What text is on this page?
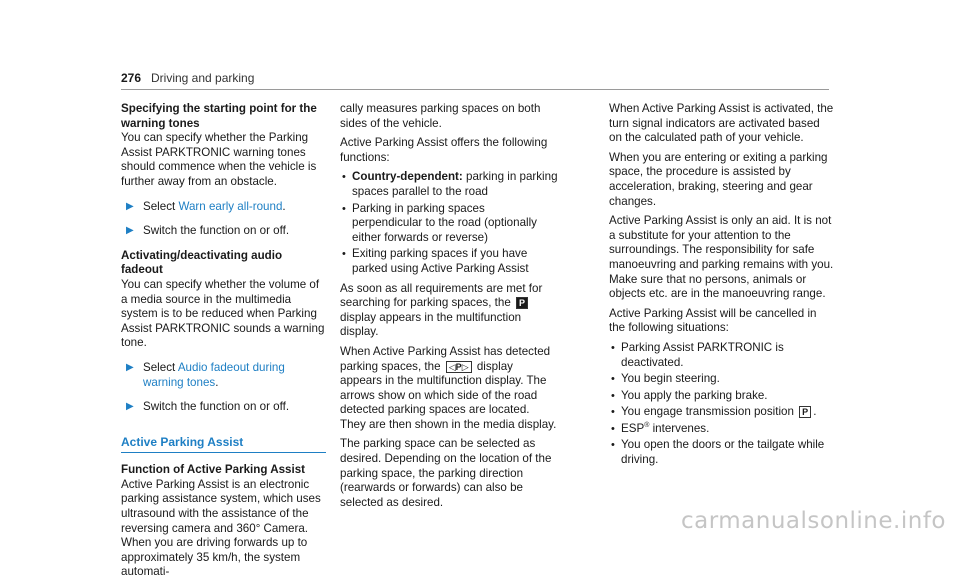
276 Driving and parking

Specifying the starting point for the warning tones

You can specify whether the Parking Assist PARKTRONIC warning tones should commence when the vehicle is further away from an obstacle.

▶ Select Warn early all-round.
▶ Switch the function on or off.

Activating/deactivating audio fadeout

You can specify whether the volume of a media source in the multimedia system is to be reduced when Parking Assist PARKTRONIC sounds a warning tone.

▶ Select Audio fadeout during warning tones.
▶ Switch the function on or off.
Active Parking Assist

Function of Active Parking Assist

Active Parking Assist is an electronic parking assistance system, which uses ultrasound with the assistance of the reversing camera and 360° Camera. When you are driving forwards up to approximately 35 km/h, the system automati-

cally measures parking spaces on both sides of the vehicle.

Active Parking Assist offers the following functions:

• Country-dependent: parking in parking spaces parallel to the road
• Parking in parking spaces perpendicular to the road (optionally either forwards or reverse)
• Exiting parking spaces if you have parked using Active Parking Assist

As soon as all requirements are met for searching for parking spaces, the P display appears in the multifunction display.

When Active Parking Assist has detected parking spaces, the ◁P▷ display appears in the multifunction display. The arrows show on which side of the road detected parking spaces are located. They are then shown in the media display.

The parking space can be selected as desired. Depending on the location of the parking space, the parking direction (rearwards or forwards) can also be selected as desired.

When Active Parking Assist is activated, the turn signal indicators are activated based on the calculated path of your vehicle.

When you are entering or exiting a parking space, the procedure is assisted by acceleration, braking, steering and gear changes.

Active Parking Assist is only an aid. It is not a substitute for your attention to the surroundings. The responsibility for safe manoeuvring and parking remains with you. Make sure that no persons, animals or objects etc. are in the manoeuvring range.

Active Parking Assist will be cancelled in the following situations:

• Parking Assist PARKTRONIC is deactivated.
• You begin steering.
• You apply the parking brake.
• You engage transmission position P .
• ESP® intervenes.
• You open the doors or the tailgate while driving.
carmanualsonline.info
